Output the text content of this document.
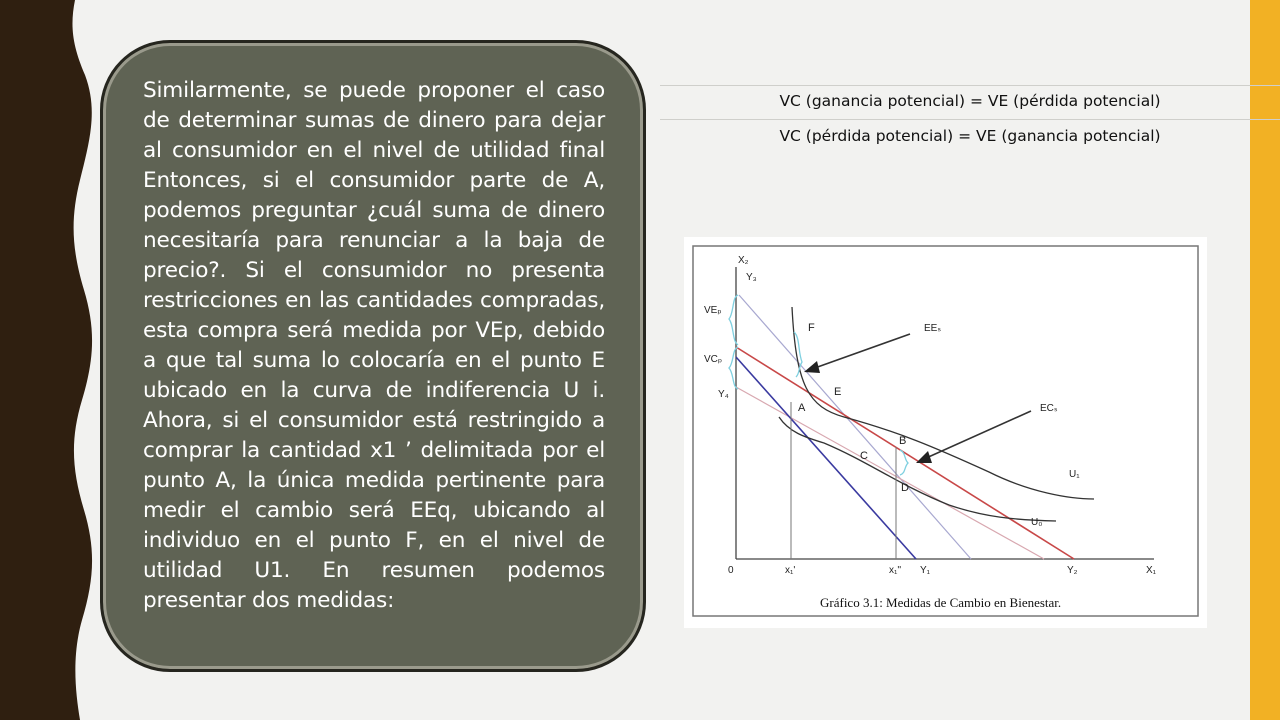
Similarmente, se puede proponer el caso de determinar sumas de dinero para dejar al consumidor en el nivel de utilidad final Entonces, si el consumidor parte de A, podemos preguntar ¿cuál suma de dinero necesitaría para renunciar a la baja de precio?. Si el consumidor no presenta restricciones en las cantidades compradas, esta compra será medida por VEp, debido a que tal suma lo colocaría en el punto E ubicado en la curva de indiferencia U i. Ahora, si el consumidor está restringido a comprar la cantidad x1 ’ delimitada por el punto A, la única medida pertinente para medir el cambio será EEq, ubicando al individuo en el punto F, en el nivel de utilidad U1. En resumen podemos presentar dos medidas:

VC (ganancia potencial) = VE (pérdida potencial)
VC (pérdida potencial) = VE (ganancia potencial)
X₂
Y₃
VEₚ
VCₚ
Y₄
0	x₁'	x₁'' Y₁	Y₂	X₁
F
E
A
B
C
D
EEₛ
ECₛ
U₁
U₀
Gráfico 3.1: Medidas de Cambio en Bienestar.
